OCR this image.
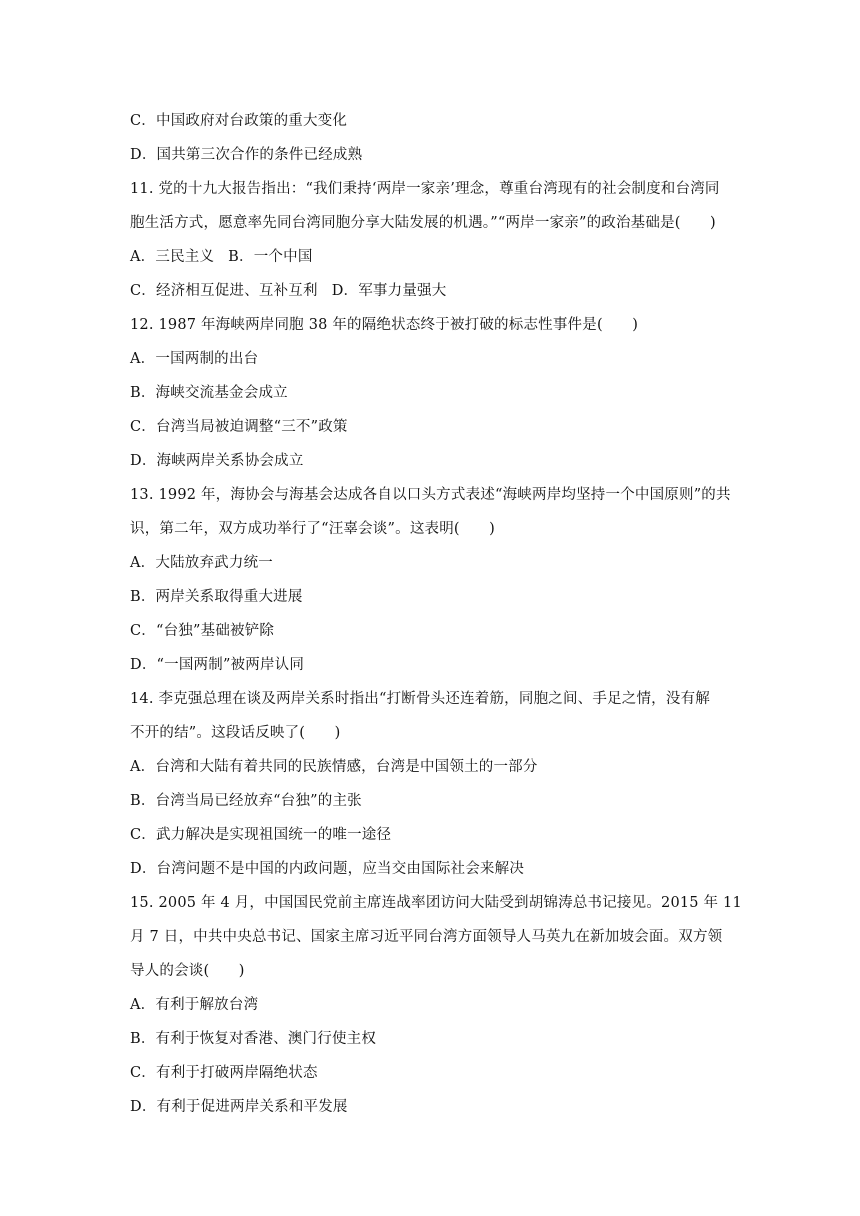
C．中国政府对台政策的重大变化
D．国共第三次合作的条件已经成熟
11. 党的十九大报告指出：“我们秉持‘两岸一家亲’理念，尊重台湾现有的社会制度和台湾同
胞生活方式，愿意率先同台湾同胞分享大陆发展的机遇。”“两岸一家亲”的政治基础是(　　)
A．三民主义 B．一个中国
C．经济相互促进、互补互利 D．军事力量强大
12. 1987 年海峡两岸同胞 38 年的隔绝状态终于被打破的标志性事件是(　　)
A．一国两制的出台
B．海峡交流基金会成立
C．台湾当局被迫调整“三不”政策
D．海峡两岸关系协会成立
13. 1992 年，海协会与海基会达成各自以口头方式表述“海峡两岸均坚持一个中国原则”的共
识，第二年，双方成功举行了“汪辜会谈”。这表明(　　)
A．大陆放弃武力统一
B．两岸关系取得重大进展
C．“台独”基础被铲除
D．“一国两制”被两岸认同
14. 李克强总理在谈及两岸关系时指出“打断骨头还连着筋，同胞之间、手足之情，没有解
不开的结”。这段话反映了(　　)
A．台湾和大陆有着共同的民族情感，台湾是中国领土的一部分
B．台湾当局已经放弃“台独”的主张
C．武力解决是实现祖国统一的唯一途径
D．台湾问题不是中国的内政问题，应当交由国际社会来解决
15. 2005 年 4 月，中国国民党前主席连战率团访问大陆受到胡锦涛总书记接见。2015 年 11
月 7 日，中共中央总书记、国家主席习近平同台湾方面领导人马英九在新加坡会面。双方领
导人的会谈(　　)
A．有利于解放台湾
B．有利于恢复对香港、澳门行使主权
C．有利于打破两岸隔绝状态
D．有利于促进两岸关系和平发展
